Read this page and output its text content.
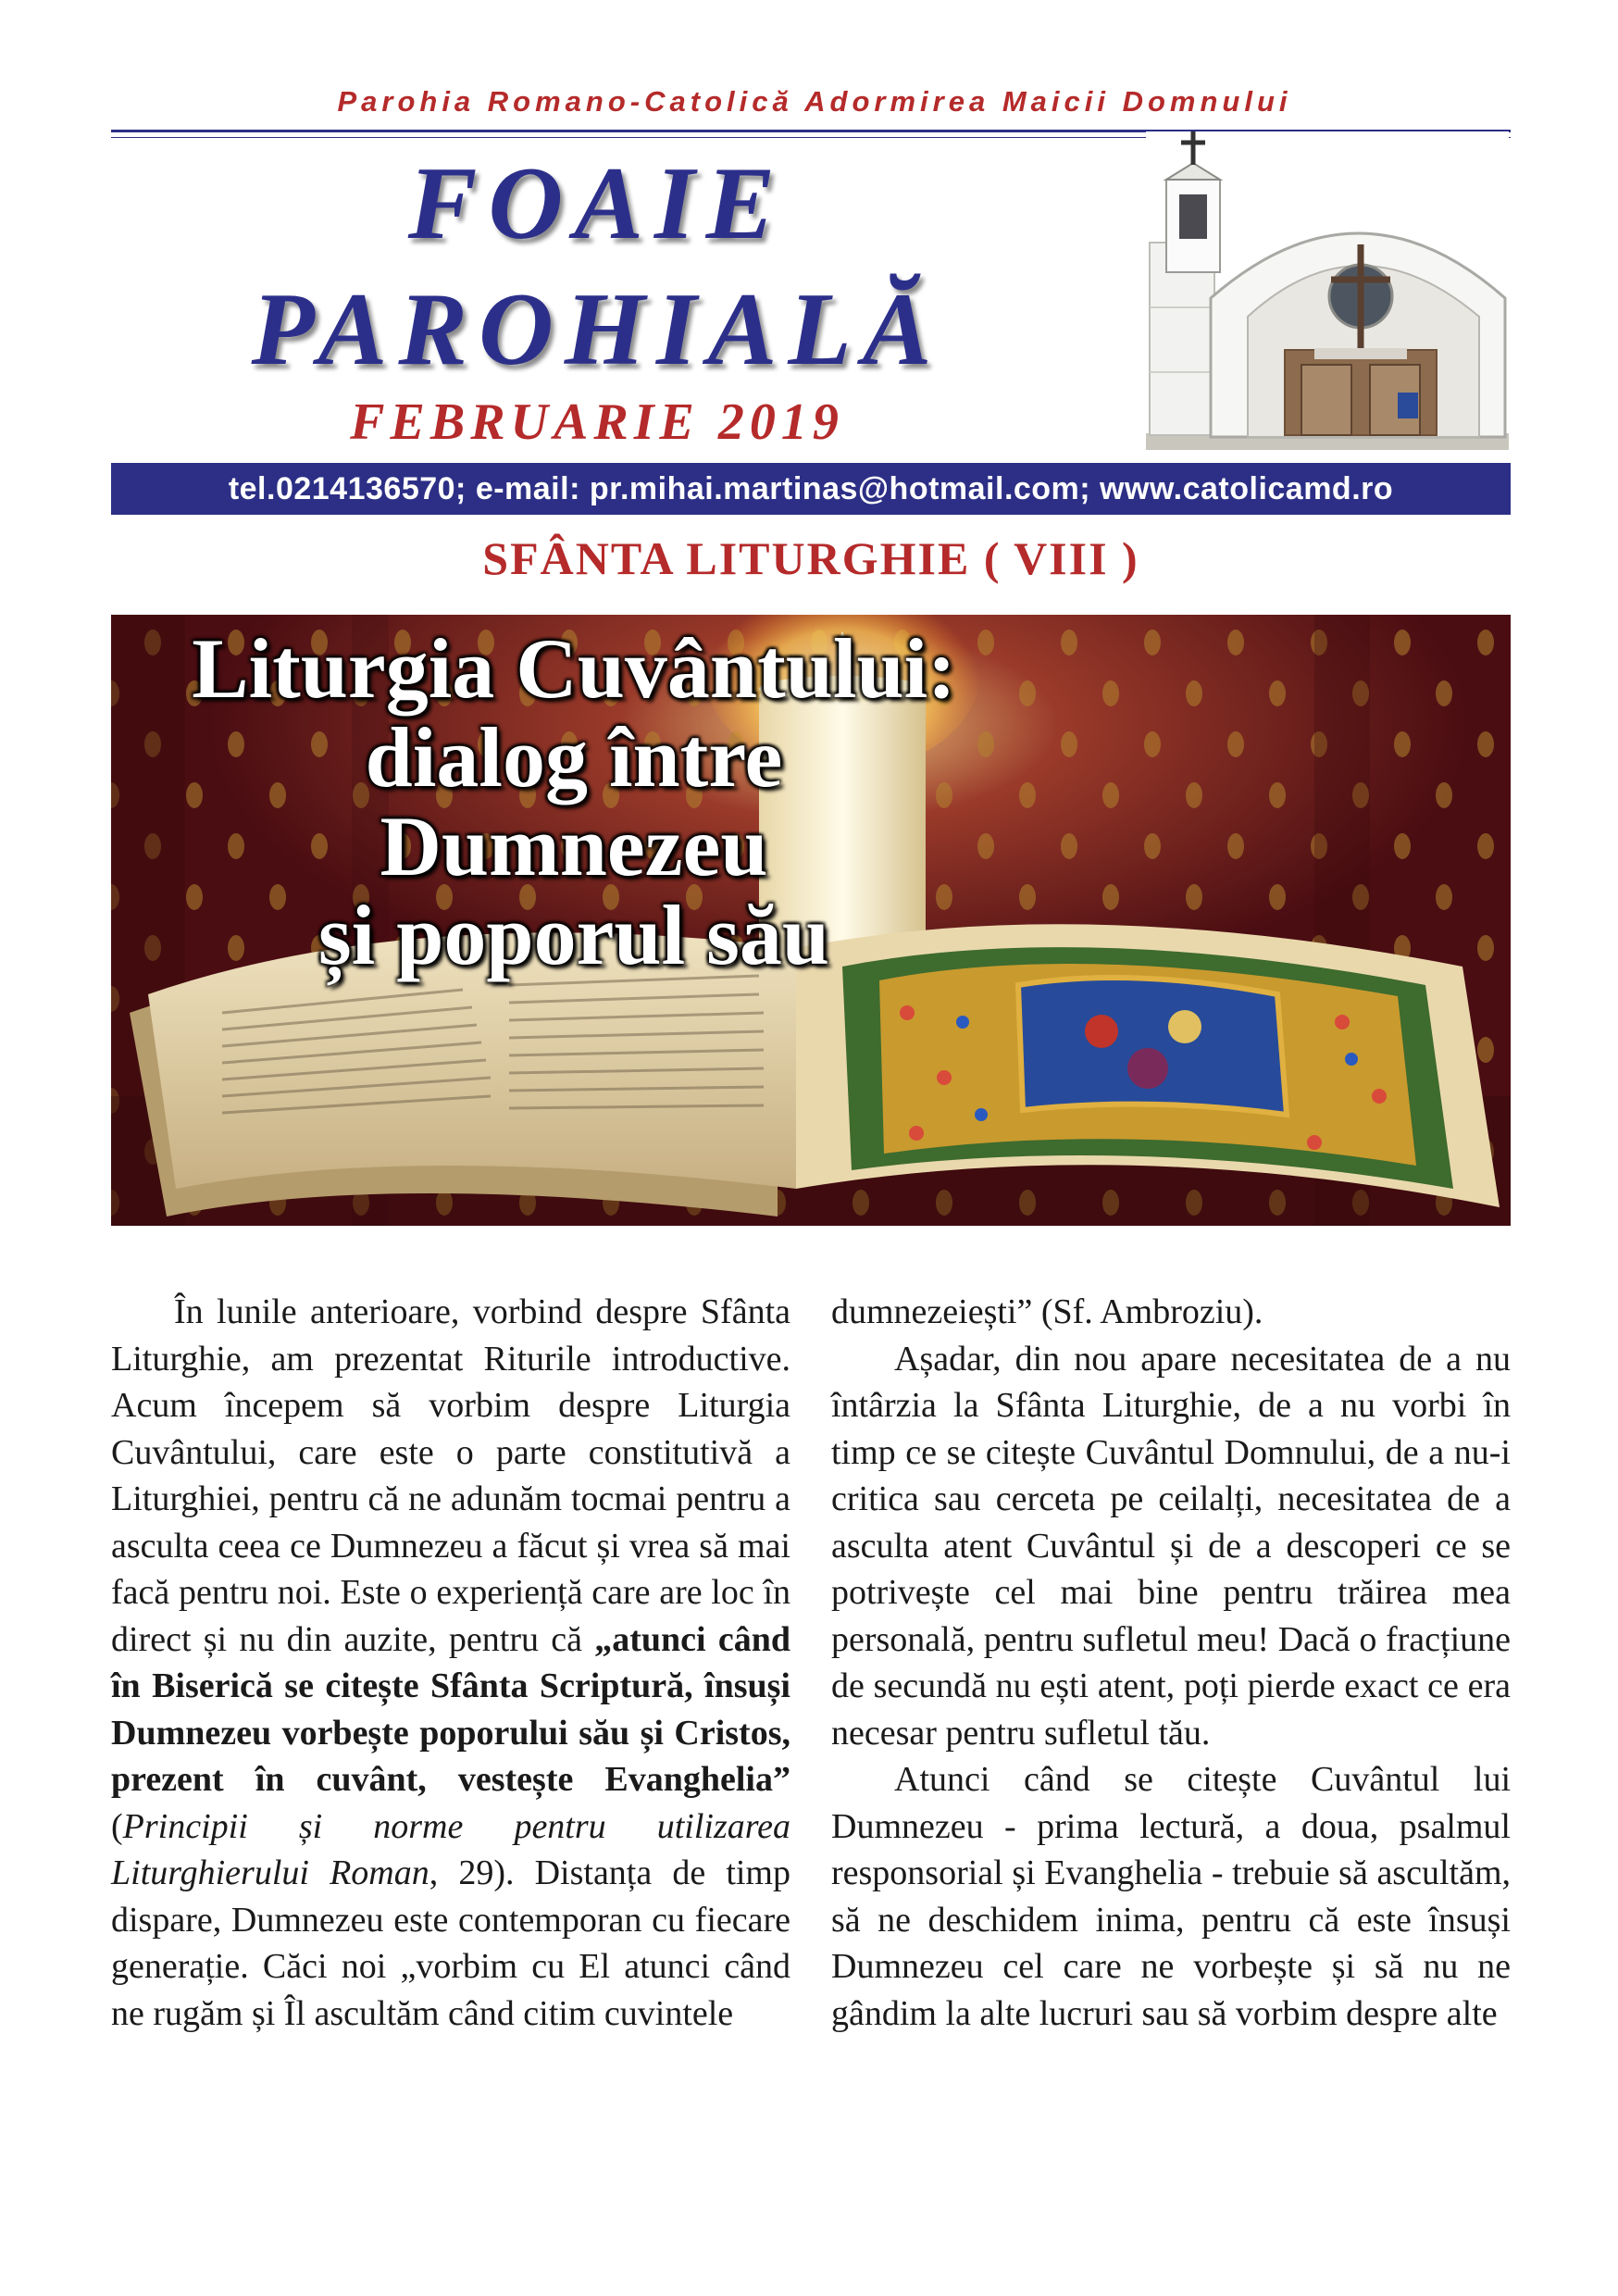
Parohia Romano-Catolică Adormirea Maicii Domnului
FOAIE
PAROHIALĂ
FEBRUARIE 2019
tel.0214136570; e-mail: pr.mihai.martinas@hotmail.com; www.catolicamd.ro
SFÂNTA LITURGHIE ( VIII )
Liturgia Cuvântului:
dialog între
Dumnezeu
și poporul său

În lunile anterioare, vorbind despre Sfânta Liturghie, am prezentat Riturile introductive. Acum începem să vorbim despre Liturgia Cuvântului, care este o parte constitutivă a Liturghiei, pentru că ne adunăm tocmai pentru a asculta ceea ce Dumnezeu a făcut și vrea să mai facă pentru noi. Este o experiență care are loc în direct și nu din auzite, pentru că „atunci când în Biserică se citește Sfânta Scriptură, însuși Dumnezeu vorbește poporului său și Cristos, prezent în cuvânt, vestește Evanghelia” (Principii și norme pentru utilizarea Liturghierului Roman, 29). Distanța de timp dispare, Dumnezeu este contemporan cu fiecare generație. Căci noi „vorbim cu El atunci când ne rugăm și Îl ascultăm când citim cuvintele

dumnezeiești” (Sf. Ambroziu).

Așadar, din nou apare necesitatea de a nu întârzia la Sfânta Liturghie, de a nu vorbi în timp ce se citește Cuvântul Domnului, de a nu-i critica sau cerceta pe ceilalți, necesitatea de a asculta atent Cuvântul și de a descoperi ce se potrivește cel mai bine pentru trăirea mea personală, pentru sufletul meu! Dacă o fracțiune de secundă nu ești atent, poți pierde exact ce era necesar pentru sufletul tău.

Atunci când se citește Cuvântul lui Dumnezeu - prima lectură, a doua, psalmul responsorial și Evanghelia - trebuie să ascultăm, să ne deschidem inima, pentru că este însuși Dumnezeu cel care ne vorbește și să nu ne gândim la alte lucruri sau să vorbim despre alte
